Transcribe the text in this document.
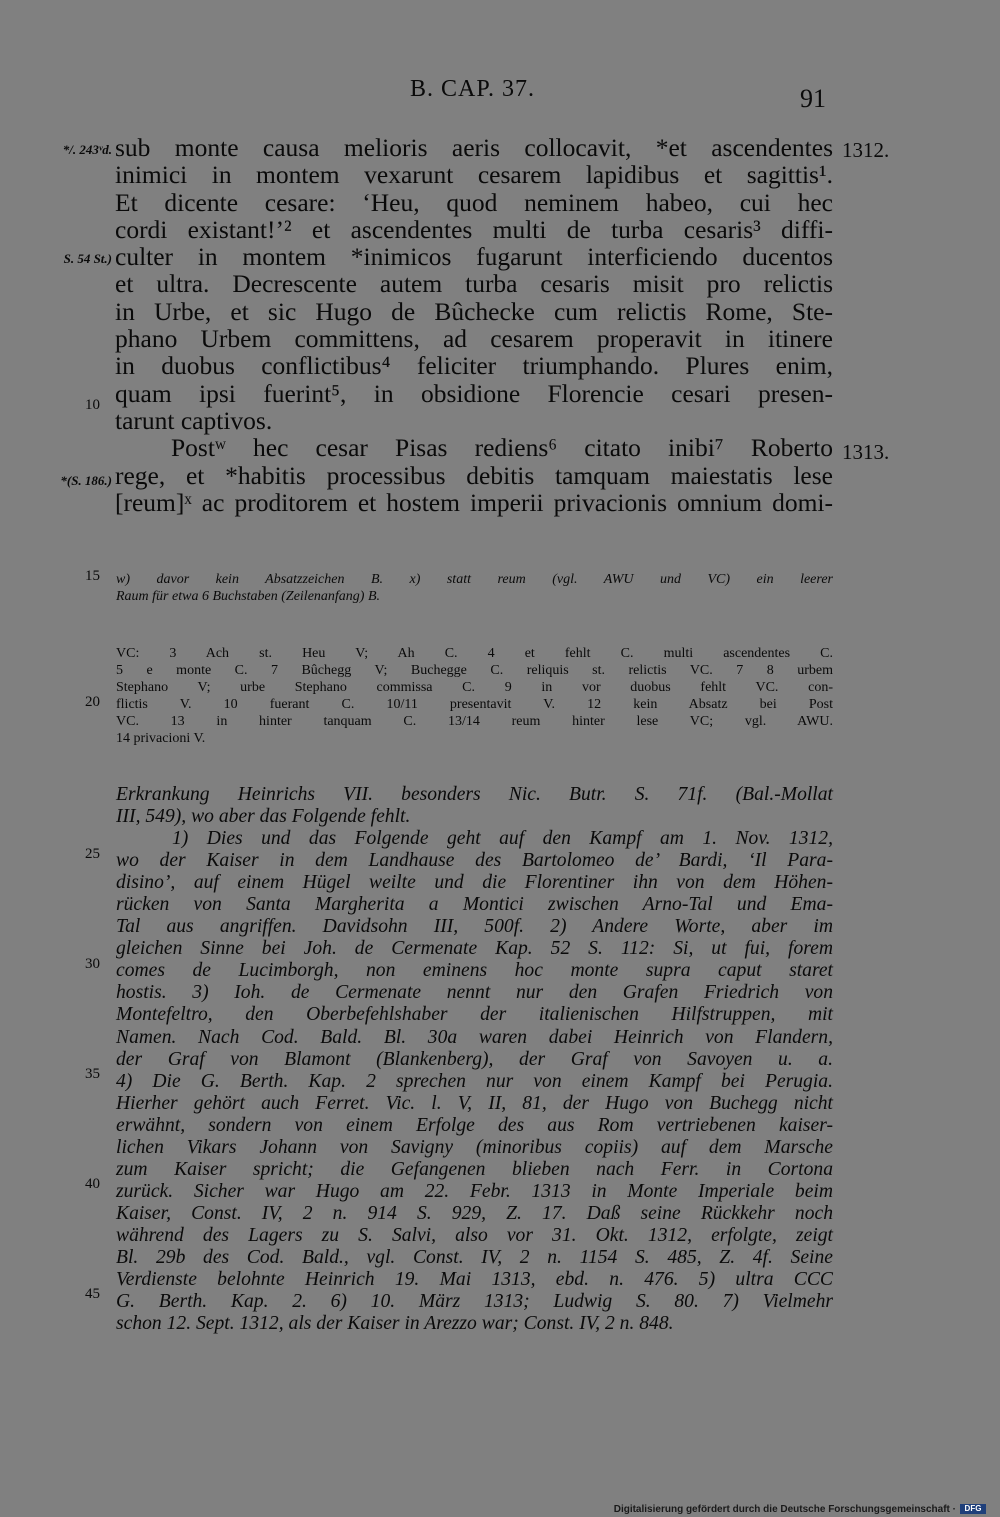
B. CAP. 37.	91
*/. 243ᵛd.
S. 54 St.)
*(S. 186.)
1312.
1313.
10
15
20
25
30
35
40
45
sub monte causa melioris aeris collocavit, *et ascendentes
inimici in montem vexarunt cesarem lapidibus et sagittis¹.
Et dicente cesare: ‘Heu, quod neminem habeo, cui hec
cordi existant!’² et ascendentes multi de turba cesaris³ diffi-
culter in montem *inimicos fugarunt interficiendo ducentos
et ultra. Decrescente autem turba cesaris misit pro relictis
in Urbe, et sic Hugo de Bûchecke cum relictis Rome, Ste-
phano Urbem committens, ad cesarem properavit in itinere
in duobus conflictibus⁴ feliciter triumphando. Plures enim,
quam ipsi fuerint⁵, in obsidione Florencie cesari presen-
tarunt captivos.
Postʷ hec cesar Pisas rediens⁶ citato inibi⁷ Roberto
rege, et *habitis processibus debitis tamquam maiestatis lese
[reum]ˣ ac proditorem et hostem imperii privacionis omnium domi-
w) davor kein Absatzzeichen B. x) statt reum (vgl. AWU und VC) ein leerer
Raum für etwa 6 Buchstaben (Zeilenanfang) B.
VC: 3 Ach st. Heu V; Ah C. 4 et fehlt C. multi ascendentes C.
5 e monte C. 7 Bûchegg V; Buchegge C. reliquis st. relictis VC. 7 8 urbem
Stephano V; urbe Stephano commissa C. 9 in vor duobus fehlt VC. con-
flictis V. 10 fuerant C. 10/11 presentavit V. 12 kein Absatz bei Post
VC. 13 in hinter tanquam C. 13/14 reum hinter lese VC; vgl. AWU.
14 privacioni V.
Erkrankung Heinrichs VII. besonders Nic. Butr. S. 71f. (Bal.-Mollat
III, 549), wo aber das Folgende fehlt.
1) Dies und das Folgende geht auf den Kampf am 1. Nov. 1312,
wo der Kaiser in dem Landhause des Bartolomeo de’ Bardi, ‘Il Para-
disino’, auf einem Hügel weilte und die Florentiner ihn von dem Höhen-
rücken von Santa Margherita a Montici zwischen Arno-Tal und Ema-
Tal aus angriffen. Davidsohn III, 500f. 2) Andere Worte, aber im
gleichen Sinne bei Joh. de Cermenate Kap. 52 S. 112: Si, ut fui, forem
comes de Lucimborgh, non eminens hoc monte supra caput staret
hostis. 3) Ioh. de Cermenate nennt nur den Grafen Friedrich von
Montefeltro, den Oberbefehlshaber der italienischen Hilfstruppen, mit
Namen. Nach Cod. Bald. Bl. 30a waren dabei Heinrich von Flandern,
der Graf von Blamont (Blankenberg), der Graf von Savoyen u. a.
4) Die G. Berth. Kap. 2 sprechen nur von einem Kampf bei Perugia.
Hierher gehört auch Ferret. Vic. l. V, II, 81, der Hugo von Buchegg nicht
erwähnt, sondern von einem Erfolge des aus Rom vertriebenen kaiser-
lichen Vikars Johann von Savigny (minoribus copiis) auf dem Marsche
zum Kaiser spricht; die Gefangenen blieben nach Ferr. in Cortona
zurück. Sicher war Hugo am 22. Febr. 1313 in Monte Imperiale beim
Kaiser, Const. IV, 2 n. 914 S. 929, Z. 17. Daß seine Rückkehr noch
während des Lagers zu S. Salvi, also vor 31. Okt. 1312, erfolgte, zeigt
Bl. 29b des Cod. Bald., vgl. Const. IV, 2 n. 1154 S. 485, Z. 4f. Seine
Verdienste belohnte Heinrich 19. Mai 1313, ebd. n. 476. 5) ultra CCC
G. Berth. Kap. 2. 6) 10. März 1313; Ludwig S. 80. 7) Vielmehr
schon 12. Sept. 1312, als der Kaiser in Arezzo war; Const. IV, 2 n. 848.
Digitalisierung gefördert durch die Deutsche Forschungsgemeinschaft ·	DFG
